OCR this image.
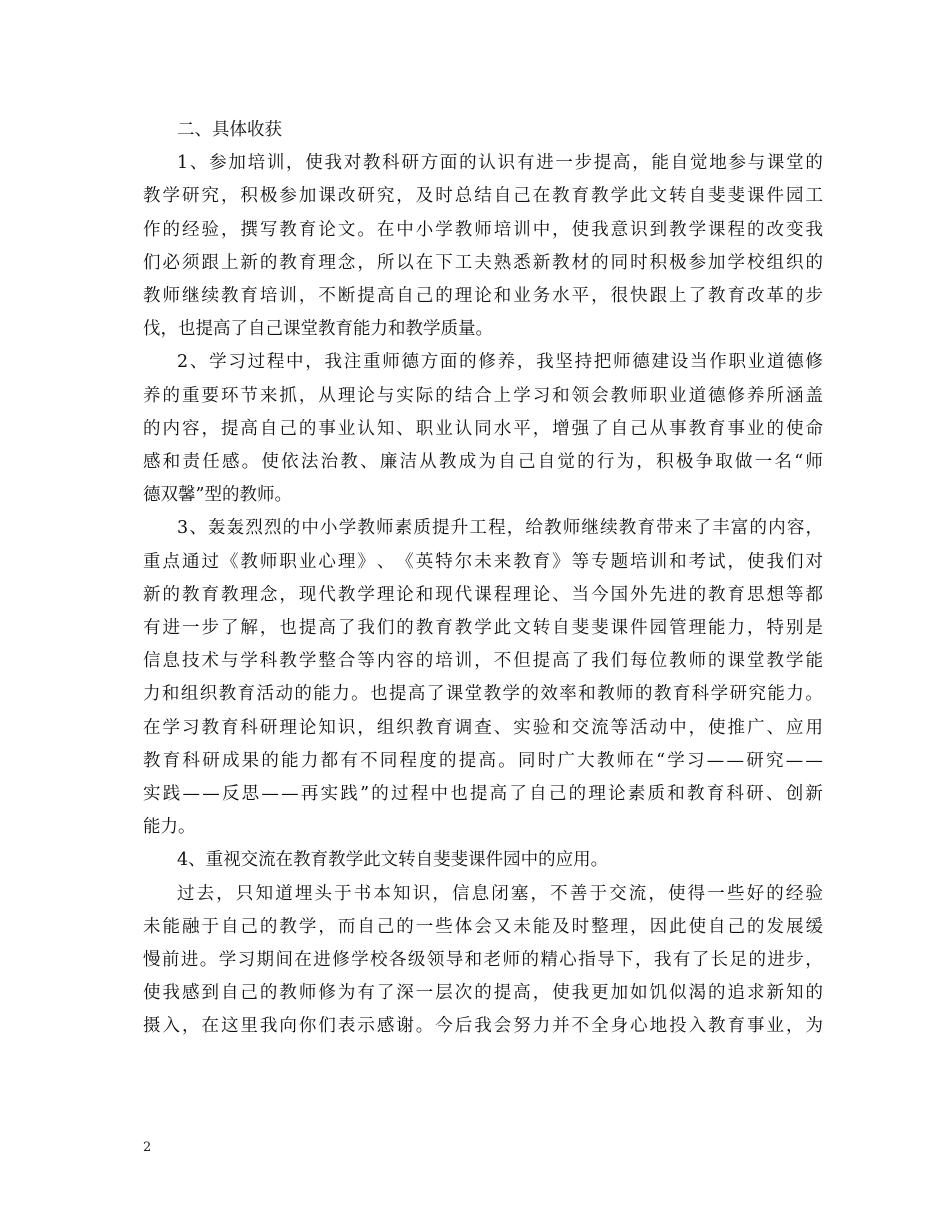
二、具体收获
1 、 参 加 培 训 ， 使 我 对 教 科 研 方 面 的 认 识 有 进 一 步 提 高 ， 能 自 觉 地 参 与 课 堂 的
教 学 研 究 ， 积 极 参 加 课 改 研 究 ， 及 时 总 结 自 己 在 教 育 教 学 此 文 转 自 斐 斐 课 件 园 工
作 的 经 验 ， 撰 写 教 育 论 文 。 在 中 小 学 教 师 培 训 中 ， 使 我 意 识 到 教 学 课 程 的 改 变 我
们 必 须 跟 上 新 的 教 育 理 念 ， 所 以 在 下 工 夫 熟 悉 新 教 材 的 同 时 积 极 参 加 学 校 组 织 的
教 师 继 续 教 育 培 训 ， 不 断 提 高 自 己 的 理 论 和 业 务 水 平 ， 很 快 跟 上 了 教 育 改 革 的 步
伐，也提高了自己课堂教育能力和教学质量。
2 、 学 习 过 程 中 ， 我 注 重 师 德 方 面 的 修 养 ， 我 坚 持 把 师 德 建 设 当 作 职 业 道 德 修
养 的 重 要 环 节 来 抓 ， 从 理 论 与 实 际 的 结 合 上 学 习 和 领 会 教 师 职 业 道 德 修 养 所 涵 盖
的 内 容 ， 提 高 自 己 的 事 业 认 知 、 职 业 认 同 水 平 ， 增 强 了 自 己 从 事 教 育 事 业 的 使 命
感 和 责 任 感 。 使 依 法 治 教 、 廉 洁 从 教 成 为 自 己 自 觉 的 行 为 ， 积 极 争 取 做 一 名 “ 师
德双馨”型的教师。
3 、 轰 轰 烈 烈 的 中 小 学 教 师 素 质 提 升 工 程 ， 给 教 师 继 续 教 育 带 来 了 丰 富 的 内 容 ，
重 点 通 过 《 教 师 职 业 心 理 》 、 《 英 特 尔 未 来 教 育 》 等 专 题 培 训 和 考 试 ， 使 我 们 对
新 的 教 育 教 理 念 ， 现 代 教 学 理 论 和 现 代 课 程 理 论 、 当 今 国 外 先 进 的 教 育 思 想 等 都
有 进 一 步 了 解 ， 也 提 高 了 我 们 的 教 育 教 学 此 文 转 自 斐 斐 课 件 园 管 理 能 力 ， 特 别 是
信 息 技 术 与 学 科 教 学 整 合 等 内 容 的 培 训 ， 不 但 提 高 了 我 们 每 位 教 师 的 课 堂 教 学 能
力 和 组 织 教 育 活 动 的 能 力 。 也 提 高 了 课 堂 教 学 的 效 率 和 教 师 的 教 育 科 学 研 究 能 力 。
在 学 习 教 育 科 研 理 论 知 识 ， 组 织 教 育 调 查 、 实 验 和 交 流 等 活 动 中 ， 使 推 广 、 应 用
教 育 科 研 成 果 的 能 力 都 有 不 同 程 度 的 提 高 。 同 时 广 大 教 师 在 “ 学 习 — — 研 究 — —
实 践 — — 反 思 — — 再 实 践 ” 的 过 程 中 也 提 高 了 自 己 的 理 论 素 质 和 教 育 科 研 、 创 新
能力。
4、重视交流在教育教学此文转自斐斐课件园中的应用。
过 去 ， 只 知 道 埋 头 于 书 本 知 识 ， 信 息 闭 塞 ， 不 善 于 交 流 ， 使 得 一 些 好 的 经 验
未 能 融 于 自 己 的 教 学 ， 而 自 己 的 一 些 体 会 又 未 能 及 时 整 理 ， 因 此 使 自 己 的 发 展 缓
慢 前 进 。 学 习 期 间 在 进 修 学 校 各 级 领 导 和 老 师 的 精 心 指 导 下 ， 我 有 了 长 足 的 进 步 ，
使 我 感 到 自 己 的 教 师 修 为 有 了 深 一 层 次 的 提 高 ， 使 我 更 加 如 饥 似 渴 的 追 求 新 知 的
摄 入 ， 在 这 里 我 向 你 们 表 示 感 谢 。 今 后 我 会 努 力 并 不 全 身 心 地 投 入 教 育 事 业 ， 为
2
